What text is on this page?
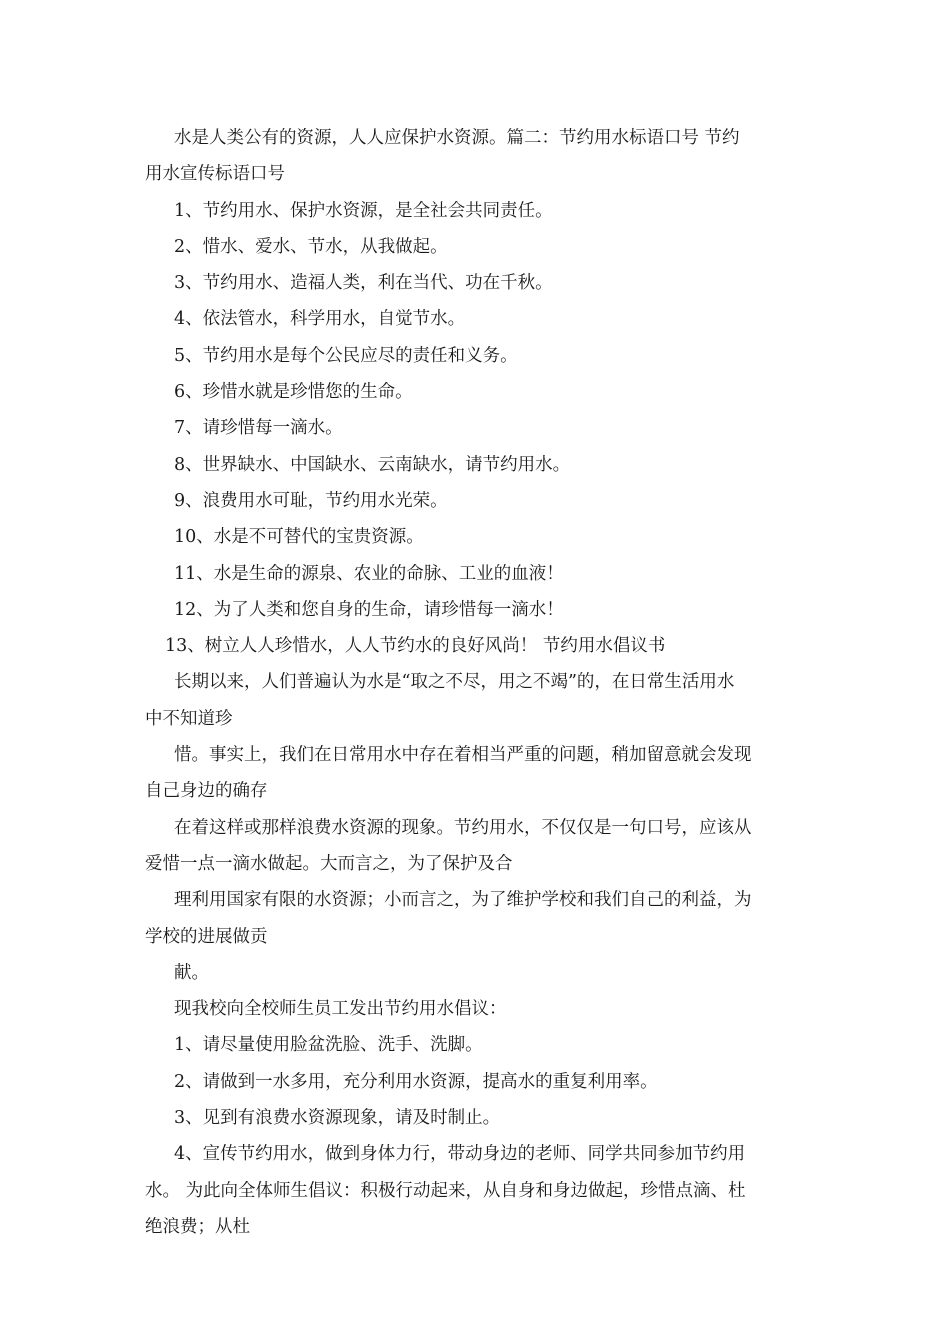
水是人类公有的资源，人人应保护水资源。篇二：节约用水标语口号 节约
用水宣传标语口号
1、节约用水、保护水资源，是全社会共同责任。
2、惜水、爱水、节水，从我做起。
3、节约用水、造福人类，利在当代、功在千秋。
4、依法管水，科学用水，自觉节水。
5、节约用水是每个公民应尽的责任和义务。
6、珍惜水就是珍惜您的生命。
7、请珍惜每一滴水。
8、世界缺水、中国缺水、云南缺水，请节约用水。
9、浪费用水可耻，节约用水光荣。
10、水是不可替代的宝贵资源。
11、水是生命的源泉、农业的命脉、工业的血液！
12、为了人类和您自身的生命，请珍惜每一滴水！
13、树立人人珍惜水，人人节约水的良好风尚！ 节约用水倡议书
长期以来，人们普遍认为水是“取之不尽，用之不竭”的，在日常生活用水
中不知道珍
惜。事实上，我们在日常用水中存在着相当严重的问题，稍加留意就会发现
自己身边的确存
在着这样或那样浪费水资源的现象。节约用水，不仅仅是一句口号，应该从
爱惜一点一滴水做起。大而言之，为了保护及合
理利用国家有限的水资源；小而言之，为了维护学校和我们自己的利益，为
学校的进展做贡
献。
现我校向全校师生员工发出节约用水倡议：
1、请尽量使用脸盆洗脸、洗手、洗脚。
2、请做到一水多用，充分利用水资源，提高水的重复利用率。
3、见到有浪费水资源现象，请及时制止。
4、宣传节约用水，做到身体力行，带动身边的老师、同学共同参加节约用
水。 为此向全体师生倡议：积极行动起来，从自身和身边做起，珍惜点滴、杜
绝浪费；从杜
